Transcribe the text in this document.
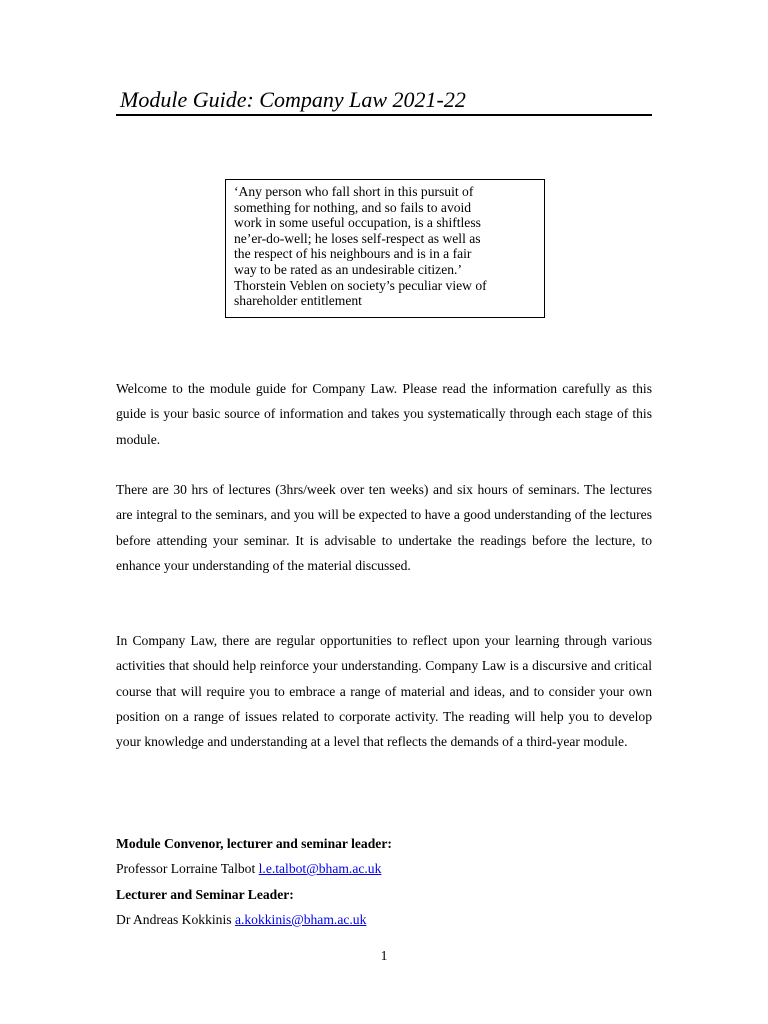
Module Guide: Company Law 2021-22
‘Any person who fall short in this pursuit of
something for nothing, and so fails to avoid
work in some useful occupation, is a shiftless
ne’er-do-well; he loses self-respect as well as
the respect of his neighbours and is in a fair
way to be rated as an undesirable citizen.’
Thorstein Veblen on society’s peculiar view of
shareholder entitlement

Welcome to the module guide for Company Law. Please read the information carefully as this guide is your basic source of information and takes you systematically through each stage of this module.

There are 30 hrs of lectures (3hrs/week over ten weeks) and six hours of seminars. The lectures are integral to the seminars, and you will be expected to have a good understanding of the lectures before attending your seminar. It is advisable to undertake the readings before the lecture, to enhance your understanding of the material discussed.

In Company Law, there are regular opportunities to reflect upon your learning through various activities that should help reinforce your understanding. Company Law is a discursive and critical course that will require you to embrace a range of material and ideas, and to consider your own position on a range of issues related to corporate activity. The reading will help you to develop your knowledge and understanding at a level that reflects the demands of a third-year module.

Module Convenor, lecturer and seminar leader:
Professor Lorraine Talbot l.e.talbot@bham.ac.uk
Lecturer and Seminar Leader:
Dr Andreas Kokkinis a.kokkinis@bham.ac.uk
1
